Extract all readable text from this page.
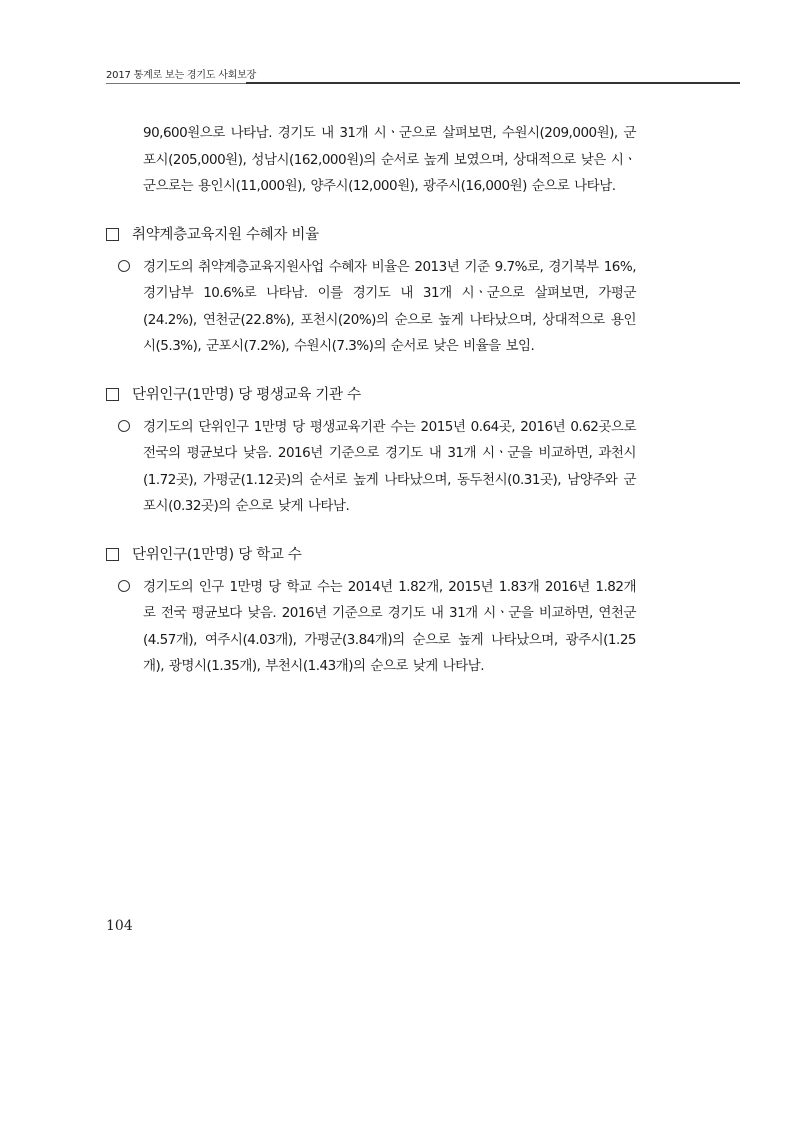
2017 통계로 보는 경기도 사회보장
90,600원으로 나타남. 경기도 내 31개 시ㆍ군으로 살펴보면, 수원시(209,000원), 군포시(205,000원), 성남시(162,000원)의 순서로 높게 보였으며, 상대적으로 낮은 시ㆍ군으로는 용인시(11,000원), 양주시(12,000원), 광주시(16,000원) 순으로 나타남.
취약계층교육지원 수혜자 비율
경기도의 취약계층교육지원사업 수혜자 비율은 2013년 기준 9.7%로, 경기북부 16%, 경기남부 10.6%로 나타남. 이를 경기도 내 31개 시ㆍ군으로 살펴보면, 가평군(24.2%), 연천군(22.8%), 포천시(20%)의 순으로 높게 나타났으며, 상대적으로 용인시(5.3%), 군포시(7.2%), 수원시(7.3%)의 순서로 낮은 비율을 보임.
단위인구(1만명) 당 평생교육 기관 수
경기도의 단위인구 1만명 당 평생교육기관 수는 2015년 0.64곳, 2016년 0.62곳으로 전국의 평균보다 낮음. 2016년 기준으로 경기도 내 31개 시ㆍ군을 비교하면, 과천시(1.72곳), 가평군(1.12곳)의 순서로 높게 나타났으며, 동두천시(0.31곳), 남양주와 군포시(0.32곳)의 순으로 낮게 나타남.
단위인구(1만명) 당 학교 수
경기도의 인구 1만명 당 학교 수는 2014년 1.82개, 2015년 1.83개 2016년 1.82개로 전국 평균보다 낮음. 2016년 기준으로 경기도 내 31개 시ㆍ군을 비교하면, 연천군(4.57개), 여주시(4.03개), 가평군(3.84개)의 순으로 높게 나타났으며, 광주시(1.25개), 광명시(1.35개), 부천시(1.43개)의 순으로 낮게 나타남.
104
